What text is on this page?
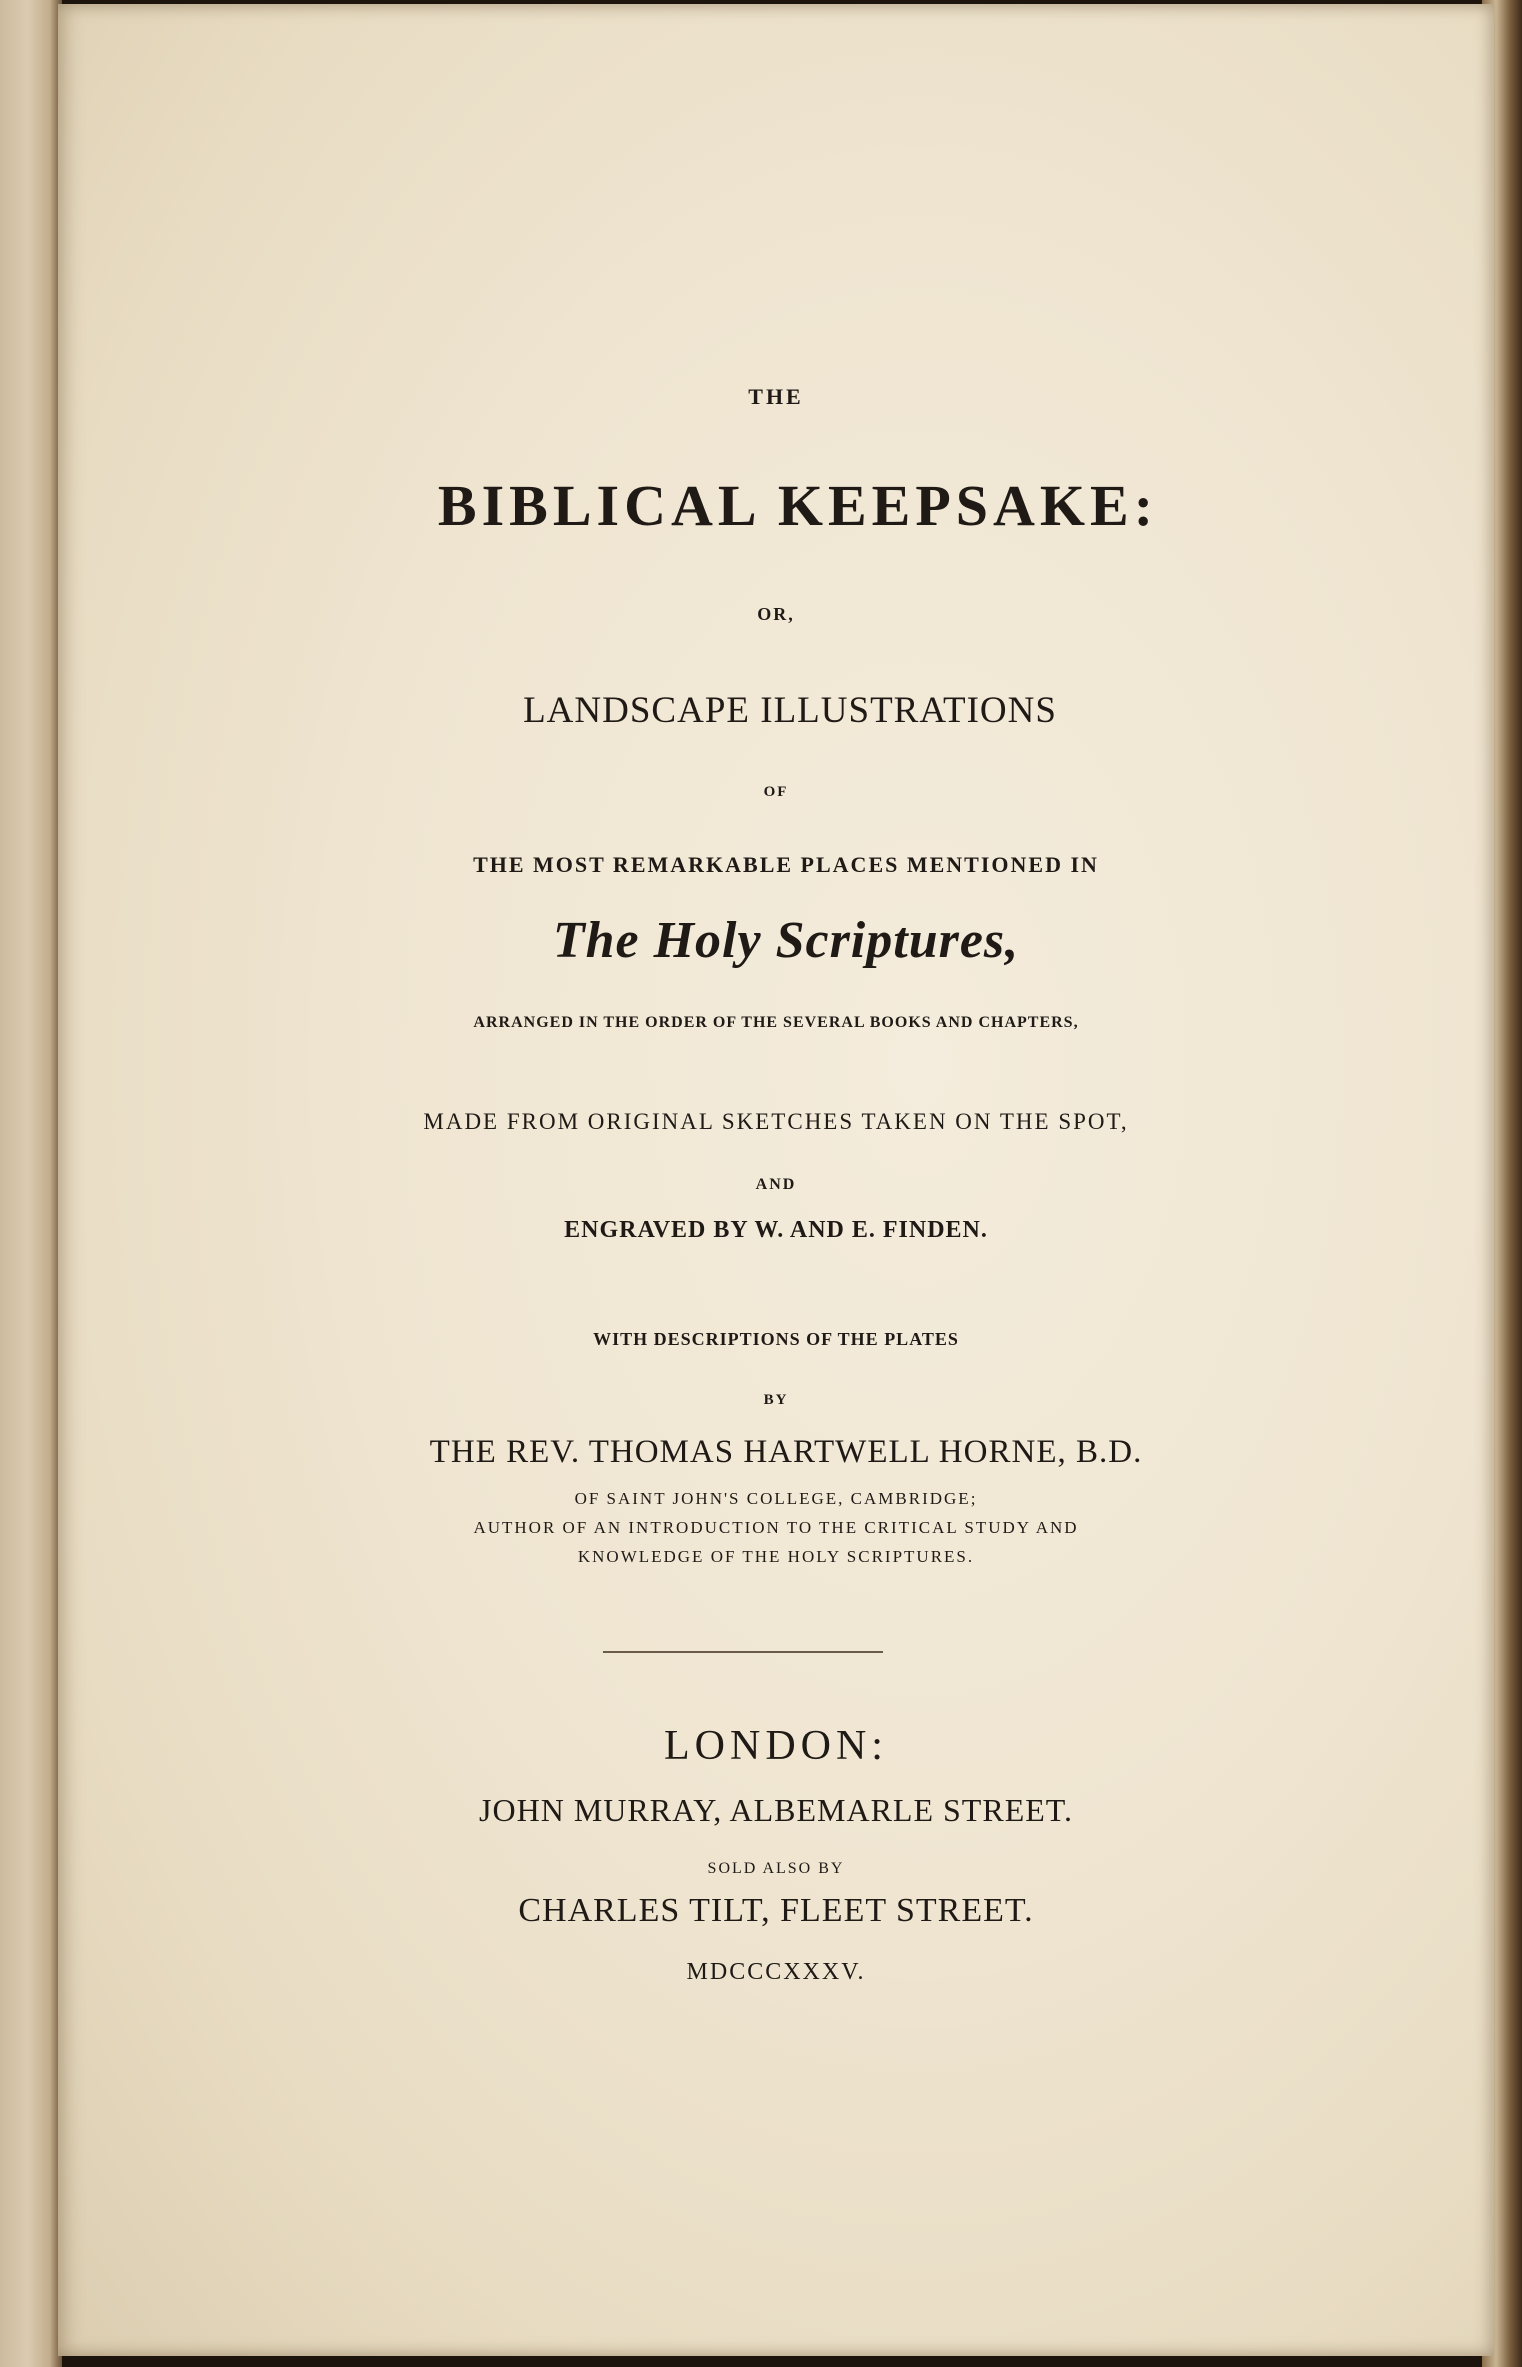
THE
BIBLICAL KEEPSAKE:
OR,
LANDSCAPE ILLUSTRATIONS
OF
THE MOST REMARKABLE PLACES MENTIONED IN
The Holy Scriptures,
ARRANGED IN THE ORDER OF THE SEVERAL BOOKS AND CHAPTERS,
MADE FROM ORIGINAL SKETCHES TAKEN ON THE SPOT,
AND
ENGRAVED BY W. AND E. FINDEN.
WITH DESCRIPTIONS OF THE PLATES
BY
THE REV. THOMAS HARTWELL HORNE, B.D.
OF SAINT JOHN'S COLLEGE, CAMBRIDGE;
AUTHOR OF AN INTRODUCTION TO THE CRITICAL STUDY AND
KNOWLEDGE OF THE HOLY SCRIPTURES.
LONDON:
JOHN MURRAY, ALBEMARLE STREET.
SOLD ALSO BY
CHARLES TILT, FLEET STREET.
MDCCCXXXV.
